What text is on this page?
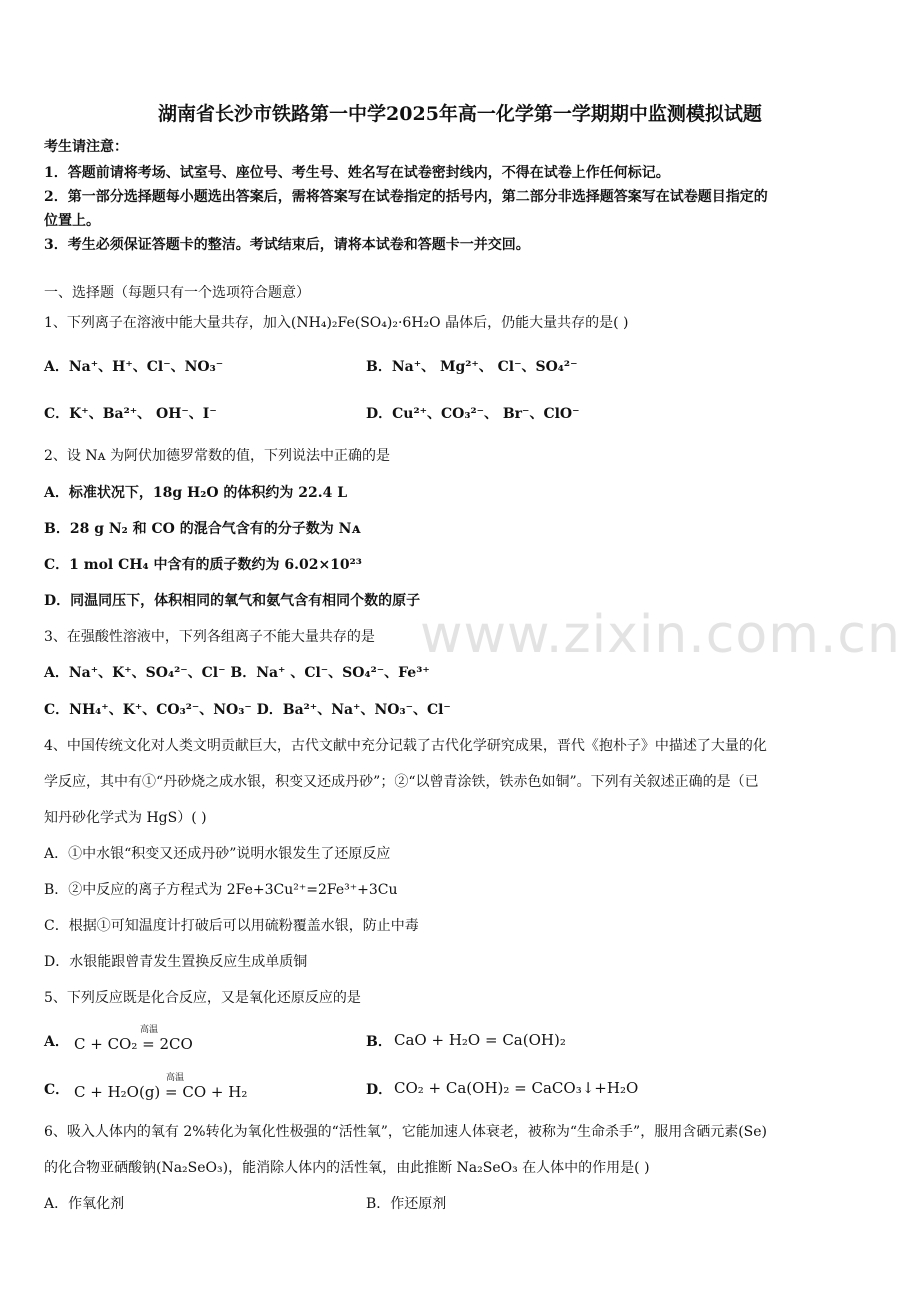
www.zixin.com.cn
湖南省长沙市铁路第一中学2025年高一化学第一学期期中监测模拟试题
考生请注意：
1．答题前请将考场、试室号、座位号、考生号、姓名写在试卷密封线内，不得在试卷上作任何标记。
2．第一部分选择题每小题选出答案后，需将答案写在试卷指定的括号内，第二部分非选择题答案写在试卷题目指定的
位置上。
3．考生必须保证答题卡的整洁。考试结束后，请将本试卷和答题卡一并交回。
一、选择题（每题只有一个选项符合题意）
1、下列离子在溶液中能大量共存，加入(NH₄)₂Fe(SO₄)₂·6H₂O 晶体后，仍能大量共存的是( )
A．Na⁺、H⁺、Cl⁻、NO₃⁻	B．Na⁺、 Mg²⁺、 Cl⁻、SO₄²⁻
C．K⁺、Ba²⁺、 OH⁻、I⁻	D．Cu²⁺、CO₃²⁻、 Br⁻、ClO⁻
2、设 Nᴀ 为阿伏加德罗常数的值，下列说法中正确的是
A．标准状况下，18g H₂O 的体积约为 22.4 L
B．28 g N₂ 和 CO 的混合气含有的分子数为 Nᴀ
C．1 mol CH₄ 中含有的质子数约为 6.02×10²³
D．同温同压下，体积相同的氧气和氨气含有相同个数的原子
3、在强酸性溶液中，下列各组离子不能大量共存的是
A．Na⁺、K⁺、SO₄²⁻、Cl⁻ B．Na⁺ 、Cl⁻、SO₄²⁻、Fe³⁺
C．NH₄⁺、K⁺、CO₃²⁻、NO₃⁻ D．Ba²⁺、Na⁺、NO₃⁻、Cl⁻
4、中国传统文化对人类文明贡献巨大，古代文献中充分记载了古代化学研究成果，晋代《抱朴子》中描述了大量的化
学反应，其中有①“丹砂烧之成水银，积变又还成丹砂”；②“以曾青涂铁，铁赤色如铜”。下列有关叙述正确的是（已
知丹砂化学式为 HgS）( )
A．①中水银“积变又还成丹砂”说明水银发生了还原反应
B．②中反应的离子方程式为 2Fe+3Cu²⁺=2Fe³⁺+3Cu
C．根据①可知温度计打破后可以用硫粉覆盖水银，防止中毒
D．水银能跟曾青发生置换反应生成单质铜
5、下列反应既是化合反应，又是氧化还原反应的是
A．
高温
C + CO₂ = 2CO	B． CaO + H₂O = Ca(OH)₂
C．
高温
C + H₂O(g) = CO + H₂	D． CO₂ + Ca(OH)₂ = CaCO₃↓+H₂O
6、吸入人体内的氧有 2%转化为氧化性极强的“活性氧”，它能加速人体衰老，被称为“生命杀手”，服用含硒元素(Se)
的化合物亚硒酸钠(Na₂SeO₃)，能消除人体内的活性氧，由此推断 Na₂SeO₃ 在人体中的作用是( )
A．作氧化剂	B．作还原剂
